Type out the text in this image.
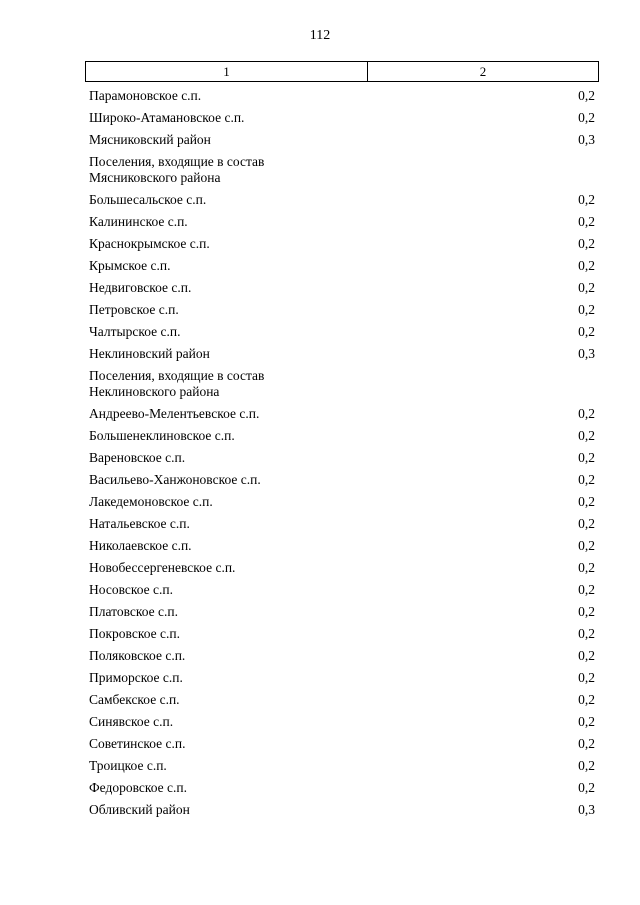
112
1	2
Парамоновское с.п.	0,2
Широко-Атамановское с.п.	0,2
Мясниковский район	0,3
Поселения, входящие в состав
Мясниковского района
Большесальское с.п.	0,2
Калининское с.п.	0,2
Краснокрымское с.п.	0,2
Крымское с.п.	0,2
Недвиговское с.п.	0,2
Петровское с.п.	0,2
Чалтырское с.п.	0,2
Неклиновский район	0,3
Поселения, входящие в состав
Неклиновского района
Андреево-Мелентьевское с.п.	0,2
Большенеклиновское с.п.	0,2
Вареновское с.п.	0,2
Васильево-Ханжоновское с.п.	0,2
Лакедемоновское с.п.	0,2
Натальевское с.п.	0,2
Николаевское с.п.	0,2
Новобессергеневское с.п.	0,2
Носовское с.п.	0,2
Платовское с.п.	0,2
Покровское с.п.	0,2
Поляковское с.п.	0,2
Приморское с.п.	0,2
Самбекское с.п.	0,2
Синявское с.п.	0,2
Советинское с.п.	0,2
Троицкое с.п.	0,2
Федоровское с.п.	0,2
Обливский район	0,3
